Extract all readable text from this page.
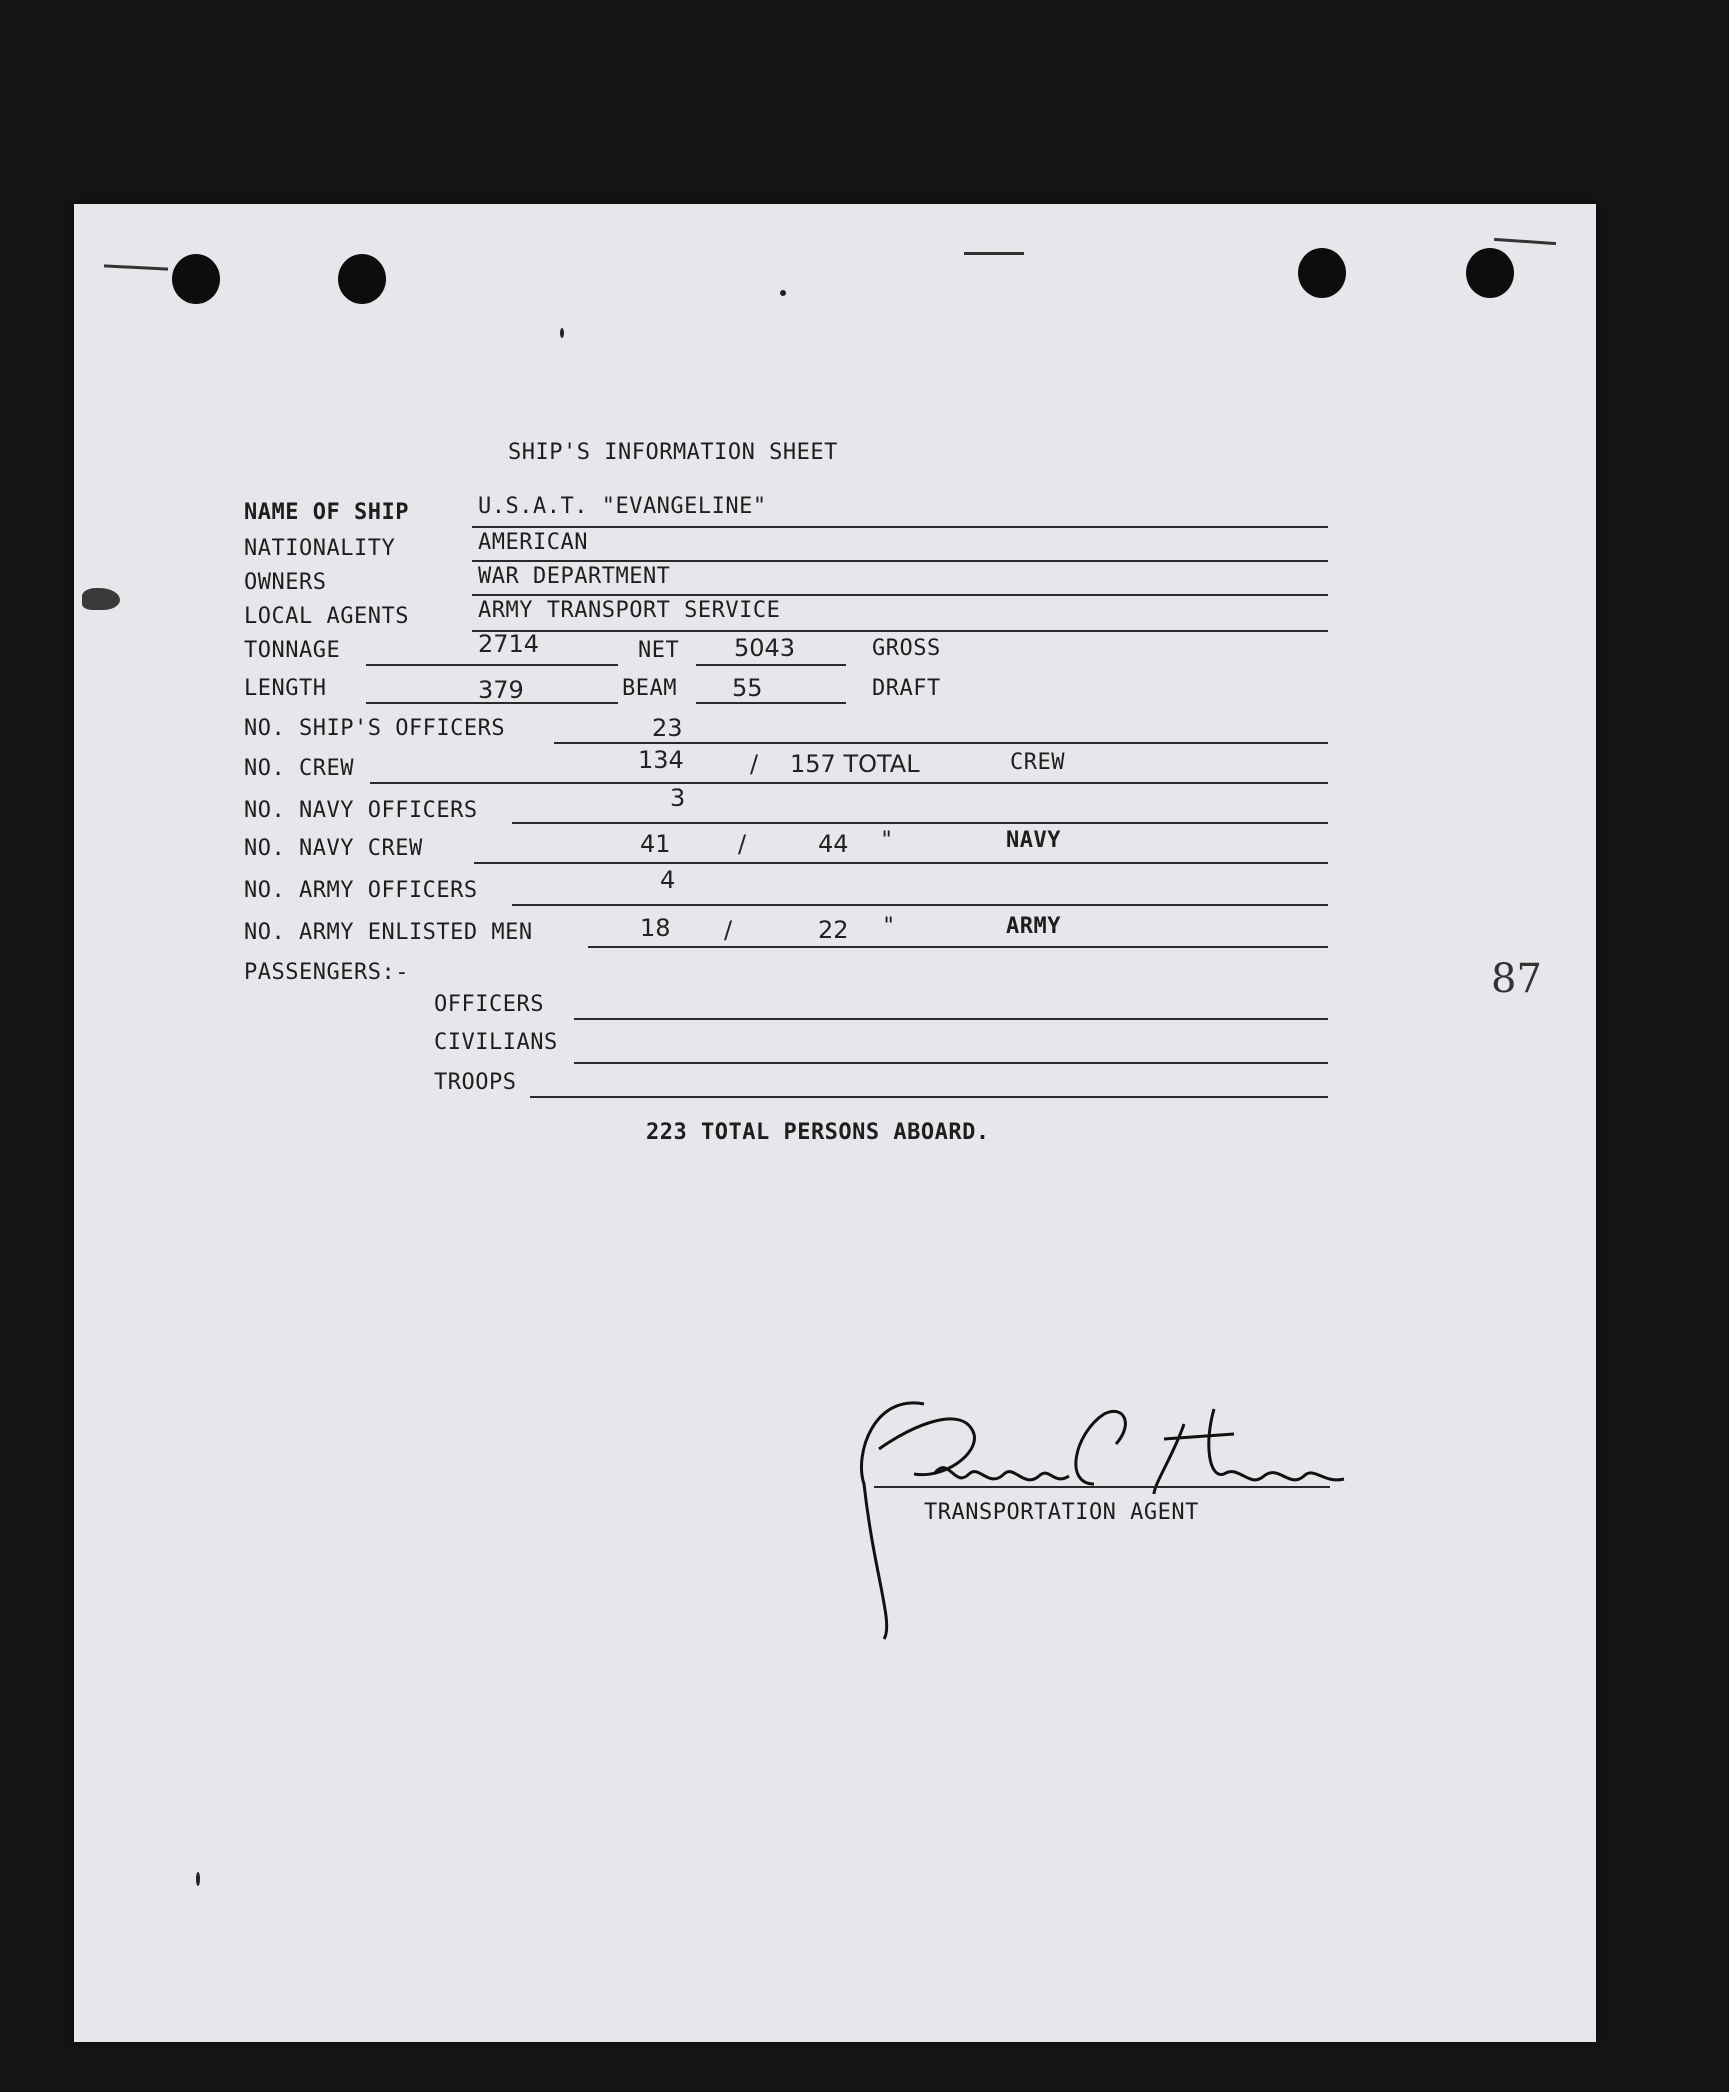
SHIP'S INFORMATION SHEET
NAME OF SHIP	U.S.A.T. "EVANGELINE"
NATIONALITY	AMERICAN
OWNERS	WAR DEPARTMENT
LOCAL AGENTS	ARMY TRANSPORT SERVICE
TONNAGE	2714	NET 5043	GROSS
LENGTH	379	BEAM 55	DRAFT
NO. SHIP'S OFFICERS	23
NO. CREW	134	/ 157 TOTAL	CREW
NO. NAVY OFFICERS	3
NO. NAVY CREW	41	/	44 "	NAVY
NO. ARMY OFFICERS	4
NO. ARMY ENLISTED MEN	18 /	22 "	ARMY
PASSENGERS:-
OFFICERS
CIVILIANS
TROOPS
223 TOTAL PERSONS ABOARD.
TRANSPORTATION AGENT
87
